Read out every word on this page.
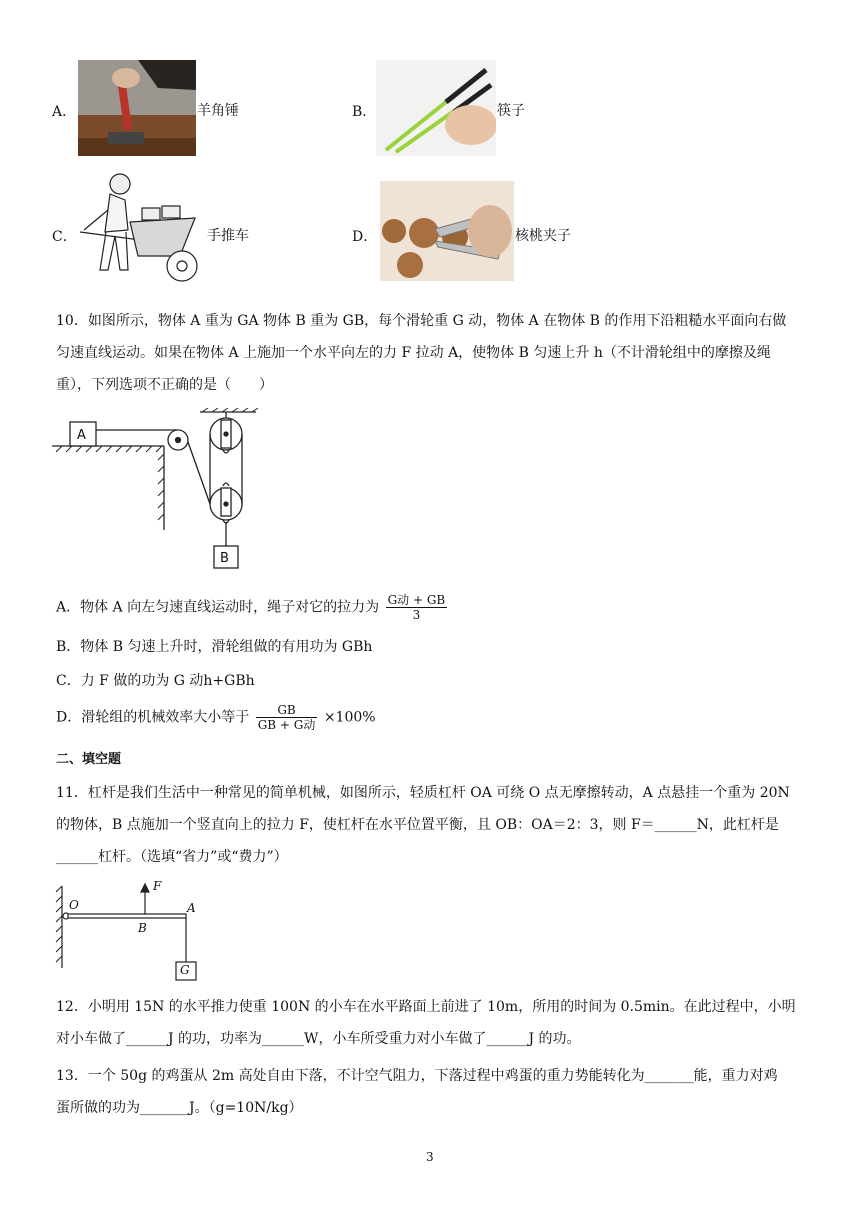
A．	羊角锤	B．	筷子
C．	手推车	D．	核桃夹子
10．如图所示，物体 A 重为 GA 物体 B 重为 GB，每个滑轮重 G 动，物体 A 在物体 B 的作用下沿粗糙水平面向右做
匀速直线运动。如果在物体 A 上施加一个水平向左的力 F 拉动 A，使物体 B 匀速上升 h（不计滑轮组中的摩擦及绳
重），下列选项不正确的是（　　）
A
B
A．物体 A 向左匀速直线运动时，绳子对它的拉力为 $\frac{\text{G动 + GB}}{3}$
B．物体 B 匀速上升时，滑轮组做的有用功为 GBh
C．力 F 做的功为 G 动h+GBh
D．滑轮组的机械效率大小等于 $\frac{GB}{\text{GB + G动}} \times 100\%$
二、填空题
11．杠杆是我们生活中一种常见的简单机械，如图所示，轻质杠杆 OA 可绕 O 点无摩擦转动，A 点悬挂一个重为 20N
的物体，B 点施加一个竖直向上的拉力 F，使杠杆在水平位置平衡，且 OB：OA＝2：3，则 F＝______N，此杠杆是
______杠杆。（选填“省力”或“费力”）
O
F
A
B
G
12．小明用 15N 的水平推力使重 100N 的小车在水平路面上前进了 10m，所用的时间为 0.5min。在此过程中，小明
对小车做了______J 的功，功率为______W，小车所受重力对小车做了______J 的功。
13．一个 50g 的鸡蛋从 2m 高处自由下落，不计空气阻力，下落过程中鸡蛋的重力势能转化为_______能，重力对鸡
蛋所做的功为_______J。（g=10N/kg）
3
